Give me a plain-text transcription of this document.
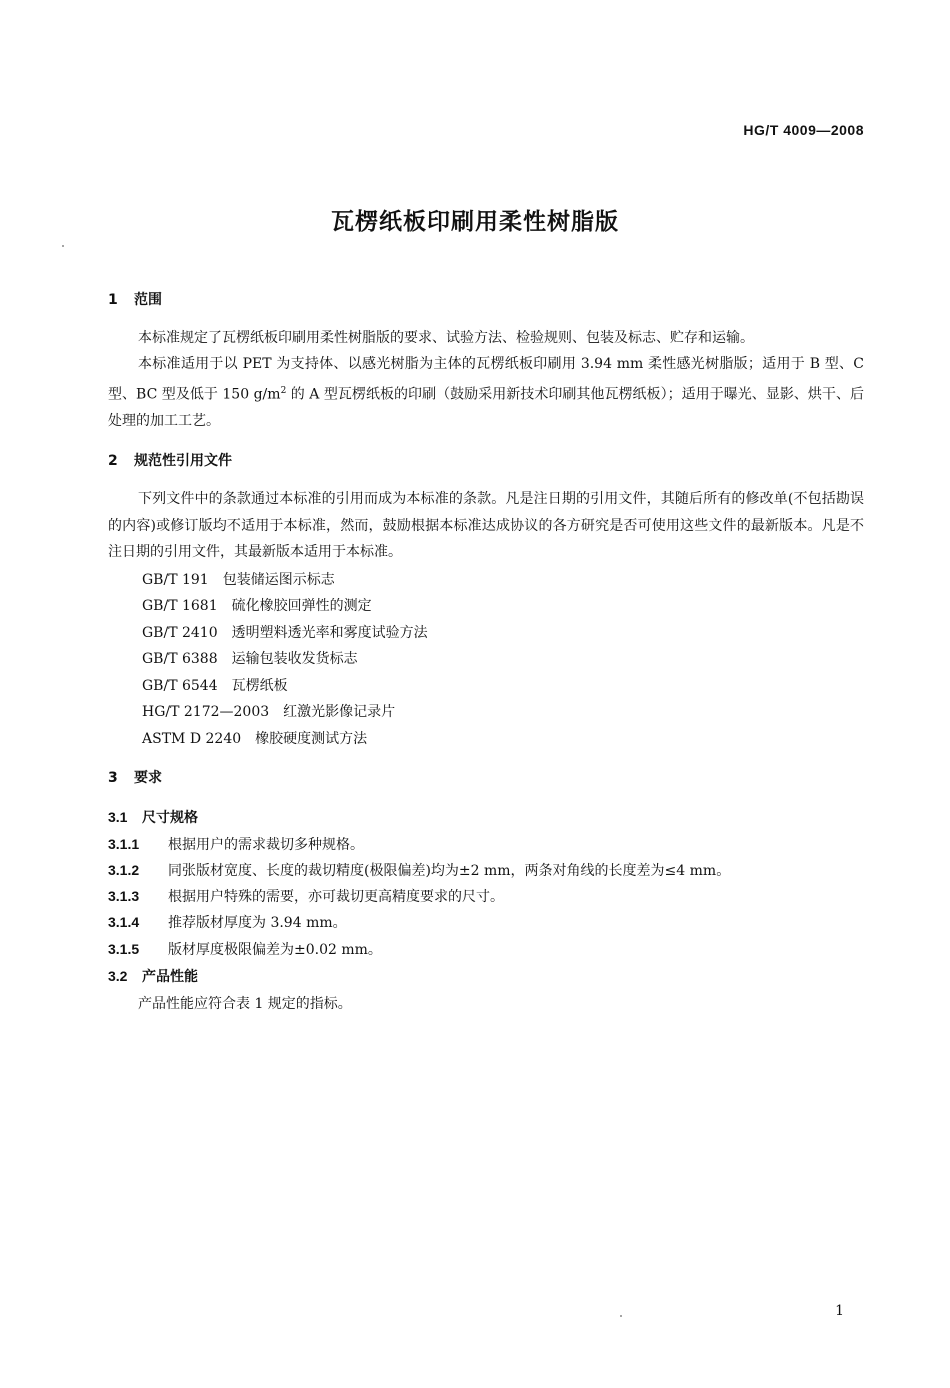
HG/T 4009—2008
瓦楞纸板印刷用柔性树脂版
1 范围
本标准规定了瓦楞纸板印刷用柔性树脂版的要求、试验方法、检验规则、包装及标志、贮存和运输。
本标准适用于以 PET 为支持体、以感光树脂为主体的瓦楞纸板印刷用 3.94 mm 柔性感光树脂版；适用于 B 型、C 型、BC 型及低于 150 $g/m^2$ 的 A 型瓦楞纸板的印刷（鼓励采用新技术印刷其他瓦楞纸板）；适用于曝光、显影、烘干、后处理的加工工艺。
2 规范性引用文件
下列文件中的条款通过本标准的引用而成为本标准的条款。凡是注日期的引用文件，其随后所有的修改单(不包括勘误的内容)或修订版均不适用于本标准，然而，鼓励根据本标准达成协议的各方研究是否可使用这些文件的最新版本。凡是不注日期的引用文件，其最新版本适用于本标准。
GB/T 191 包装储运图示标志
GB/T 1681 硫化橡胶回弹性的测定
GB/T 2410 透明塑料透光率和雾度试验方法
GB/T 6388 运输包装收发货标志
GB/T 6544 瓦楞纸板
HG/T 2172—2003 红激光影像记录片
ASTM D 2240 橡胶硬度测试方法
3 要求
3.1 尺寸规格
3.1.1 根据用户的需求裁切多种规格。
3.1.2 同张版材宽度、长度的裁切精度(极限偏差)均为±2 mm，两条对角线的长度差为≤4 mm。
3.1.3 根据用户特殊的需要，亦可裁切更高精度要求的尺寸。
3.1.4 推荐版材厚度为 3.94 mm。
3.1.5 版材厚度极限偏差为±0.02 mm。
3.2 产品性能
产品性能应符合表 1 规定的指标。
1
